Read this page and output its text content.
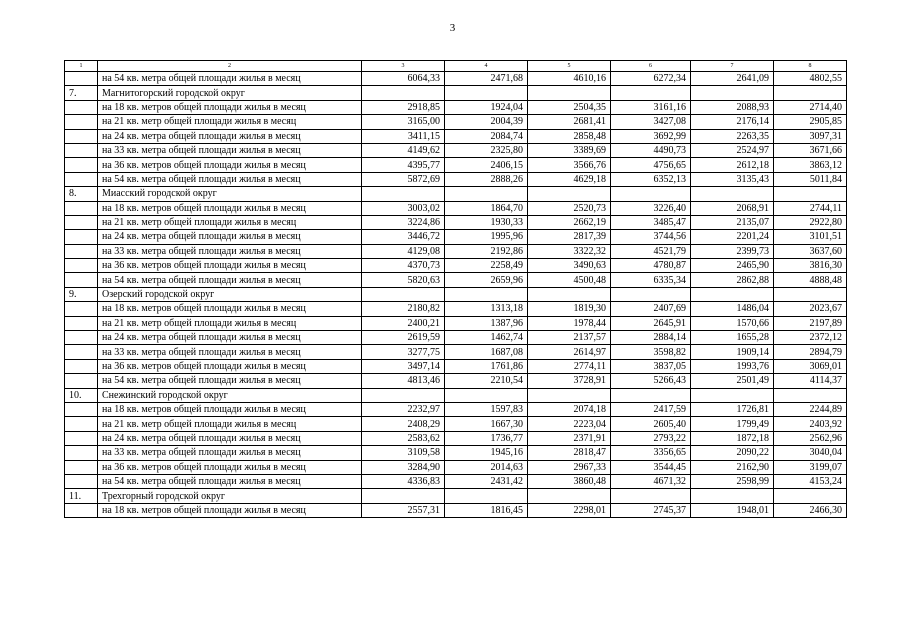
3
1	2	3	4	5	6	7	8
	на 54 кв. метра общей площади жилья в месяц	6064,33	2471,68	4610,16	6272,34	2641,09	4802,55
7.	Магнитогорский городской округ						
	на 18 кв. метров общей площади жилья в месяц	2918,85	1924,04	2504,35	3161,16	2088,93	2714,40
	на 21 кв. метр общей площади жилья в месяц	3165,00	2004,39	2681,41	3427,08	2176,14	2905,85
	на 24 кв. метра общей площади жилья в месяц	3411,15	2084,74	2858,48	3692,99	2263,35	3097,31
	на 33 кв. метра общей площади жилья в месяц	4149,62	2325,80	3389,69	4490,73	2524,97	3671,66
	на 36 кв. метров общей площади жилья в месяц	4395,77	2406,15	3566,76	4756,65	2612,18	3863,12
	на 54 кв. метра общей площади жилья в месяц	5872,69	2888,26	4629,18	6352,13	3135,43	5011,84
8.	Миасский городской округ						
	на 18 кв. метров общей площади жилья в месяц	3003,02	1864,70	2520,73	3226,40	2068,91	2744,11
	на 21 кв. метр общей площади жилья в месяц	3224,86	1930,33	2662,19	3485,47	2135,07	2922,80
	на 24 кв. метра общей площади жилья в месяц	3446,72	1995,96	2817,39	3744,56	2201,24	3101,51
	на 33 кв. метра общей площади жилья в месяц	4129,08	2192,86	3322,32	4521,79	2399,73	3637,60
	на 36 кв. метров общей площади жилья в месяц	4370,73	2258,49	3490,63	4780,87	2465,90	3816,30
	на 54 кв. метра общей площади жилья в месяц	5820,63	2659,96	4500,48	6335,34	2862,88	4888,48
9.	Озерский городской округ						
	на 18 кв. метров общей площади жилья в месяц	2180,82	1313,18	1819,30	2407,69	1486,04	2023,67
	на 21 кв. метр общей площади жилья в месяц	2400,21	1387,96	1978,44	2645,91	1570,66	2197,89
	на 24 кв. метра общей площади жилья в месяц	2619,59	1462,74	2137,57	2884,14	1655,28	2372,12
	на 33 кв. метра общей площади жилья в месяц	3277,75	1687,08	2614,97	3598,82	1909,14	2894,79
	на 36 кв. метров общей площади жилья в месяц	3497,14	1761,86	2774,11	3837,05	1993,76	3069,01
	на 54 кв. метра общей площади жилья в месяц	4813,46	2210,54	3728,91	5266,43	2501,49	4114,37
10.	Снежинский городской округ						
	на 18 кв. метров общей площади жилья в месяц	2232,97	1597,83	2074,18	2417,59	1726,81	2244,89
	на 21 кв. метр общей площади жилья в месяц	2408,29	1667,30	2223,04	2605,40	1799,49	2403,92
	на 24 кв. метра общей площади жилья в месяц	2583,62	1736,77	2371,91	2793,22	1872,18	2562,96
	на 33 кв. метра общей площади жилья в месяц	3109,58	1945,16	2818,47	3356,65	2090,22	3040,04
	на 36 кв. метров общей площади жилья в месяц	3284,90	2014,63	2967,33	3544,45	2162,90	3199,07
	на 54 кв. метра общей площади жилья в месяц	4336,83	2431,42	3860,48	4671,32	2598,99	4153,24
11.	Трехгорный городской округ						
	на 18 кв. метров общей площади жилья в месяц	2557,31	1816,45	2298,01	2745,37	1948,01	2466,30
